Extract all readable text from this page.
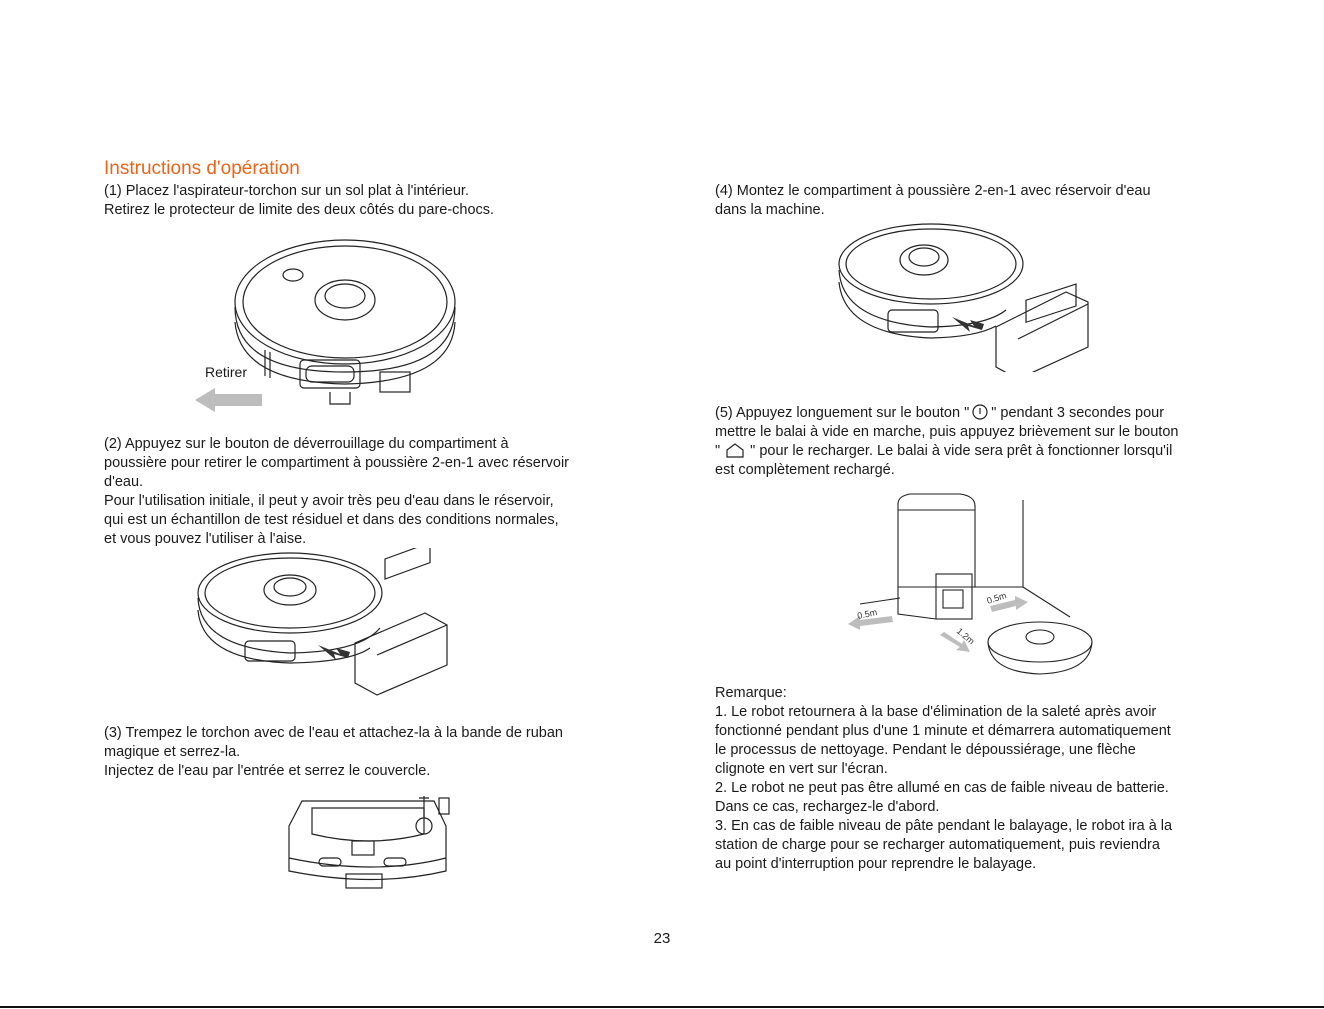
Instructions d'opération

(1) Placez l'aspirateur-torchon sur un sol plat à l'intérieur.
Retirez le protecteur de limite des deux côtés du pare-chocs.

Retirer

(2) Appuyez sur le bouton de déverrouillage du compartiment à
poussière pour retirer le compartiment à poussière 2-en-1 avec réservoir
d'eau.
Pour l'utilisation initiale, il peut y avoir très peu d'eau dans le réservoir,
qui est un échantillon de test résiduel et dans des conditions normales,
et vous pouvez l'utiliser à l'aise.

(3) Trempez le torchon avec de l'eau et attachez-la à la bande de ruban
magique et serrez-la.
Injectez de l'eau par l'entrée et serrez le couvercle.

(4) Montez le compartiment à poussière 2-en-1 avec réservoir d'eau
dans la machine.

(5) Appuyez longuement sur le bouton " " pendant 3 secondes pour
mettre le balai à vide en marche, puis appuyez brièvement sur le bouton
" " pour le recharger. Le balai à vide sera prêt à fonctionner lorsqu'il
est complètement rechargé.

0.5m
0.5m
1.2m

Remarque:
1. Le robot retournera à la base d'élimination de la saleté après avoir
fonctionné pendant plus d'une 1 minute et démarrera automatiquement
le processus de nettoyage. Pendant le dépoussiérage, une flèche
clignote en vert sur l'écran.
2. Le robot ne peut pas être allumé en cas de faible niveau de batterie.
Dans ce cas, rechargez-le d'abord.
3. En cas de faible niveau de pâte pendant le balayage, le robot ira à la
station de charge pour se recharger automatiquement, puis reviendra
au point d'interruption pour reprendre le balayage.

23
